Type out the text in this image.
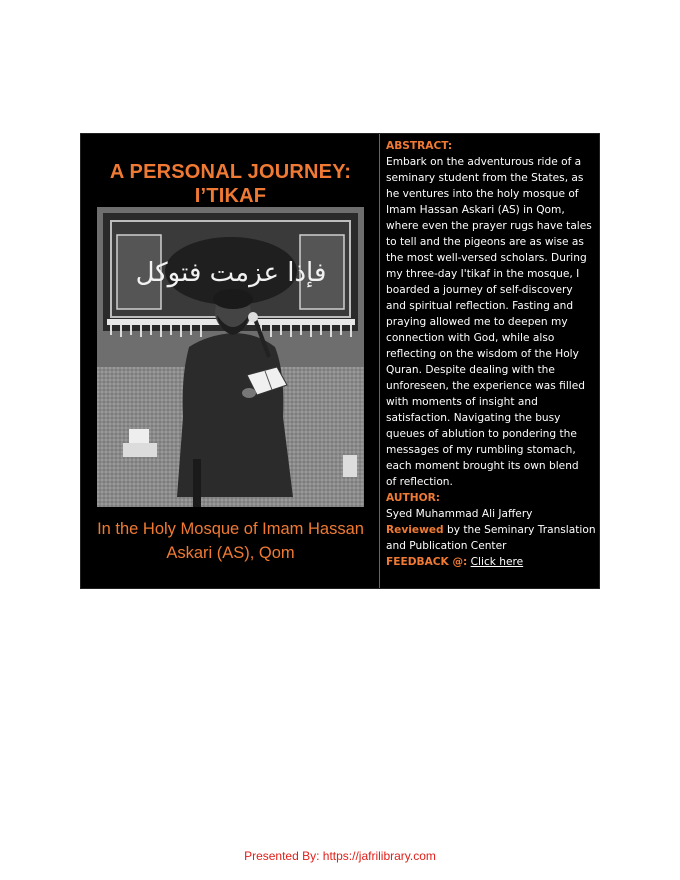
A PERSONAL JOURNEY:
I’TIKAF
فإذا عزمت فتوكل
In the Holy Mosque of Imam Hassan
Askari (AS), Qom

ABSTRACT:

Embark on the adventurous ride of a

seminary student from the States, as

he ventures into the holy mosque of

Imam Hassan Askari (AS) in Qom,

where even the prayer rugs have tales

to tell and the pigeons are as wise as

the most well-versed scholars. During

my three-day I'tikaf in the mosque, I

boarded a journey of self-discovery

and spiritual reflection. Fasting and

praying allowed me to deepen my

connection with God, while also

reflecting on the wisdom of the Holy

Quran. Despite dealing with the

unforeseen, the experience was filled

with moments of insight and

satisfaction. Navigating the busy

queues of ablution to pondering the

messages of my rumbling stomach,

each moment brought its own blend

of reflection.

AUTHOR:

Syed Muhammad Ali Jaffery

Reviewed by the Seminary Translation

and Publication Center

FEEDBACK @: Click here

Presented By: https://jafrilibrary.com
